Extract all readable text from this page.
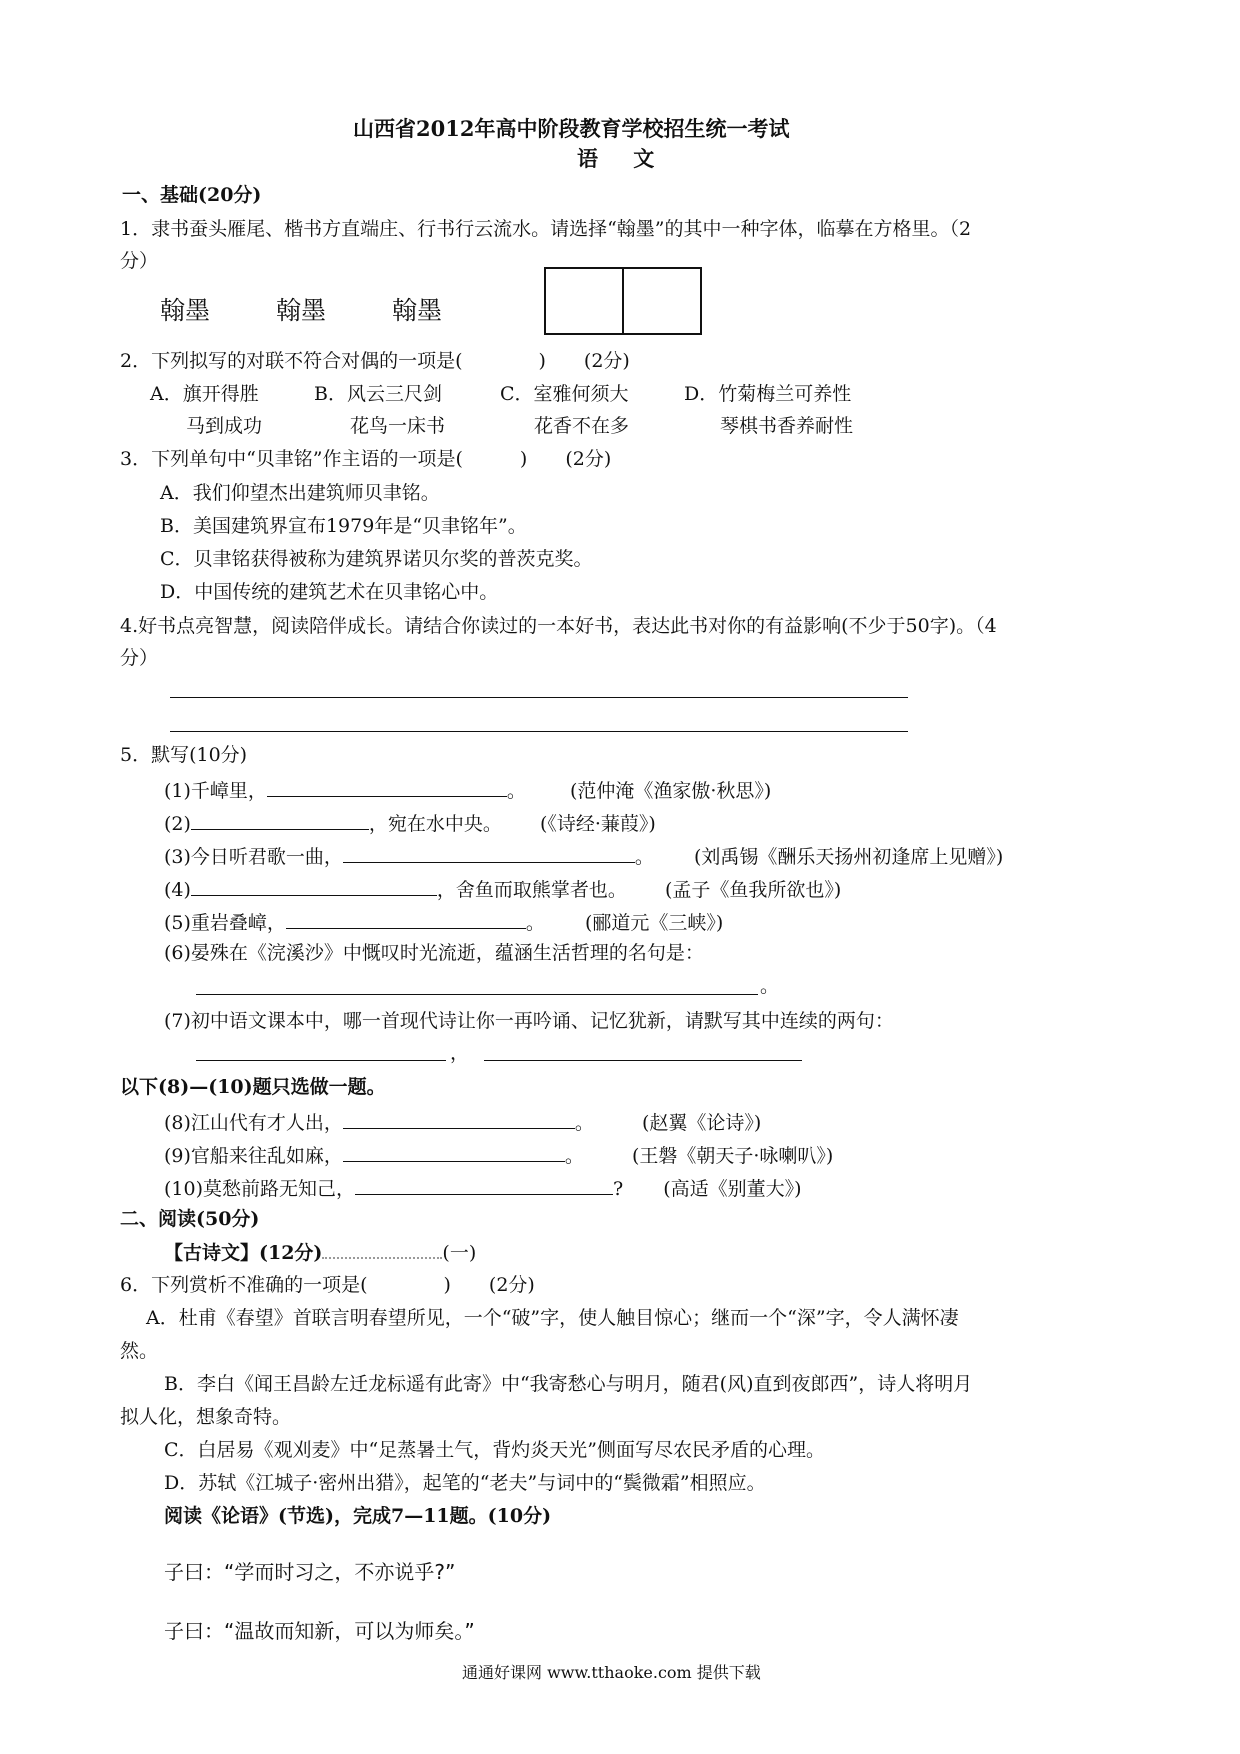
山西省2012年高中阶段教育学校招生统一考试
语 文
一、基础(20分)
1．隶书蚕头雁尾、楷书方直端庄、行书行云流水。请选择“翰墨”的其中一种字体，临摹在方格里。（2
分）
翰墨	翰墨	翰墨
2．下列拟写的对联不符合对偶的一项是(　　　　)　　(2分)
A．旗开得胜	B．风云三尺剑	C．室雅何须大	D．竹菊梅兰可养性
马到成功	花鸟一床书	花香不在多	琴棋书香养耐性
3．下列单句中“贝聿铭”作主语的一项是(　　　)　　(2分)
A．我们仰望杰出建筑师贝聿铭。
B．美国建筑界宣布1979年是“贝聿铭年”。
C．贝聿铭获得被称为建筑界诺贝尔奖的普茨克奖。
D．中国传统的建筑艺术在贝聿铭心中。
4.好书点亮智慧，阅读陪伴成长。请结合你读过的一本好书，表达此书对你的有益影响(不少于50字)。（4
分）
5．默写(10分)
(1)千嶂里，	。 (范仲淹《渔家傲·秋思》)
(2)	，宛在水中央。 (《诗经·蒹葭》)
(3)今日听君歌一曲，	。 (刘禹锡《酬乐天扬州初逢席上见赠》)
(4)	，舍鱼而取熊掌者也。 (孟子《鱼我所欲也》)
(5)重岩叠嶂，	。 (郦道元《三峡》)
(6)晏殊在《浣溪沙》中慨叹时光流逝，蕴涵生活哲理的名句是：
。
(7)初中语文课本中，哪一首现代诗让你一再吟诵、记忆犹新，请默写其中连续的两句：
，
以下(8)—(10)题只选做一题。
(8)江山代有才人出，	。	(赵翼《论诗》)
(9)官船来往乱如麻，	。	(王磐《朝天子·咏喇叭》)
(10)莫愁前路无知己，	? (高适《别董大》)
二、阅读(50分)
【古诗文】(12分)	(一)
6．下列赏析不准确的一项是(　　　　)　　(2分)
A．杜甫《春望》首联言明春望所见，一个“破”字，使人触目惊心；继而一个“深”字，令人满怀凄
然。
B．李白《闻王昌龄左迁龙标遥有此寄》中“我寄愁心与明月，随君(风)直到夜郎西”，诗人将明月
拟人化，想象奇特。
C．白居易《观刈麦》中“足蒸暑土气，背灼炎天光”侧面写尽农民矛盾的心理。
D．苏轼《江城子·密州出猎》，起笔的“老夫”与词中的“鬓微霜”相照应。
阅读《论语》(节选)，完成7—11题。(10分)
子曰：“学而时习之，不亦说乎?”
子曰：“温故而知新，可以为师矣。”
通通好课网 www.tthaoke.com 提供下载
